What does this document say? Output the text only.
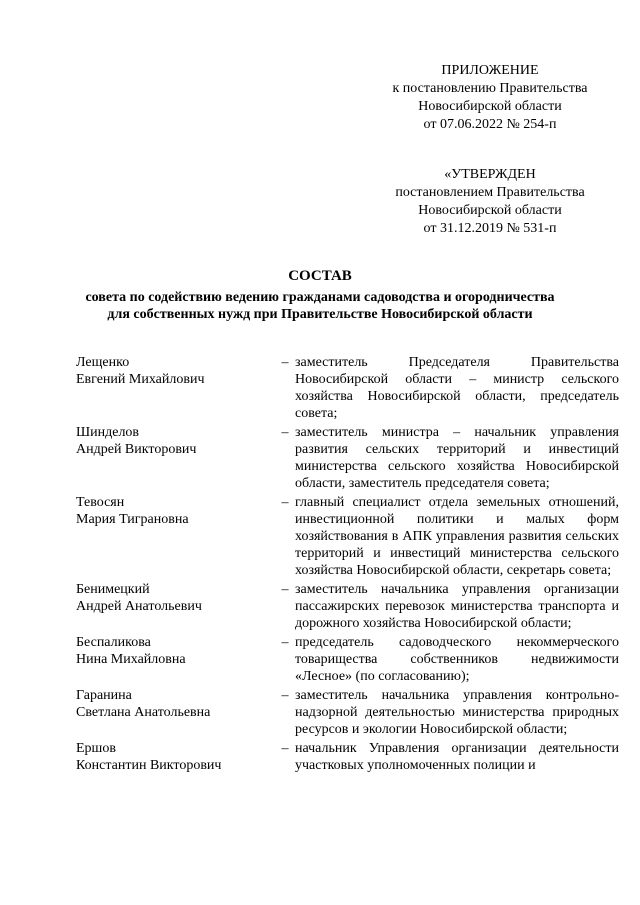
ПРИЛОЖЕНИЕ
к постановлению Правительства
Новосибирской области
от 07.06.2022 № 254-п
«УТВЕРЖДЕН
постановлением Правительства
Новосибирской области
от 31.12.2019 № 531-п
СОСТАВ
совета по содействию ведению гражданами садоводства и огородничества
для собственных нужд при Правительстве Новосибирской области
Лещенко
Евгений Михайлович
– заместитель Председателя Правительства Новосибирской области – министр сельского хозяйства Новосибирской области, председатель совета;
Шинделов
Андрей Викторович
– заместитель министра – начальник управления развития сельских территорий и инвестиций министерства сельского хозяйства Новосибирской области, заместитель председателя совета;
Тевосян
Мария Тиграновна
– главный специалист отдела земельных отношений, инвестиционной политики и малых форм хозяйствования в АПК управления развития сельских территорий и инвестиций министерства сельского хозяйства Новосибирской области, секретарь совета;
Бенимецкий
Андрей Анатольевич
– заместитель начальника управления организации пассажирских перевозок министерства транспорта и дорожного хозяйства Новосибирской области;
Беспаликова
Нина Михайловна
– председатель садоводческого некоммерческого товарищества собственников недвижимости «Лесное» (по согласованию);
Гаранина
Светлана Анатольевна
– заместитель начальника управления контрольно-надзорной деятельностью министерства природных ресурсов и экологии Новосибирской области;
Ершов
Константин Викторович
– начальник Управления организации деятельности участковых уполномоченных полиции и
